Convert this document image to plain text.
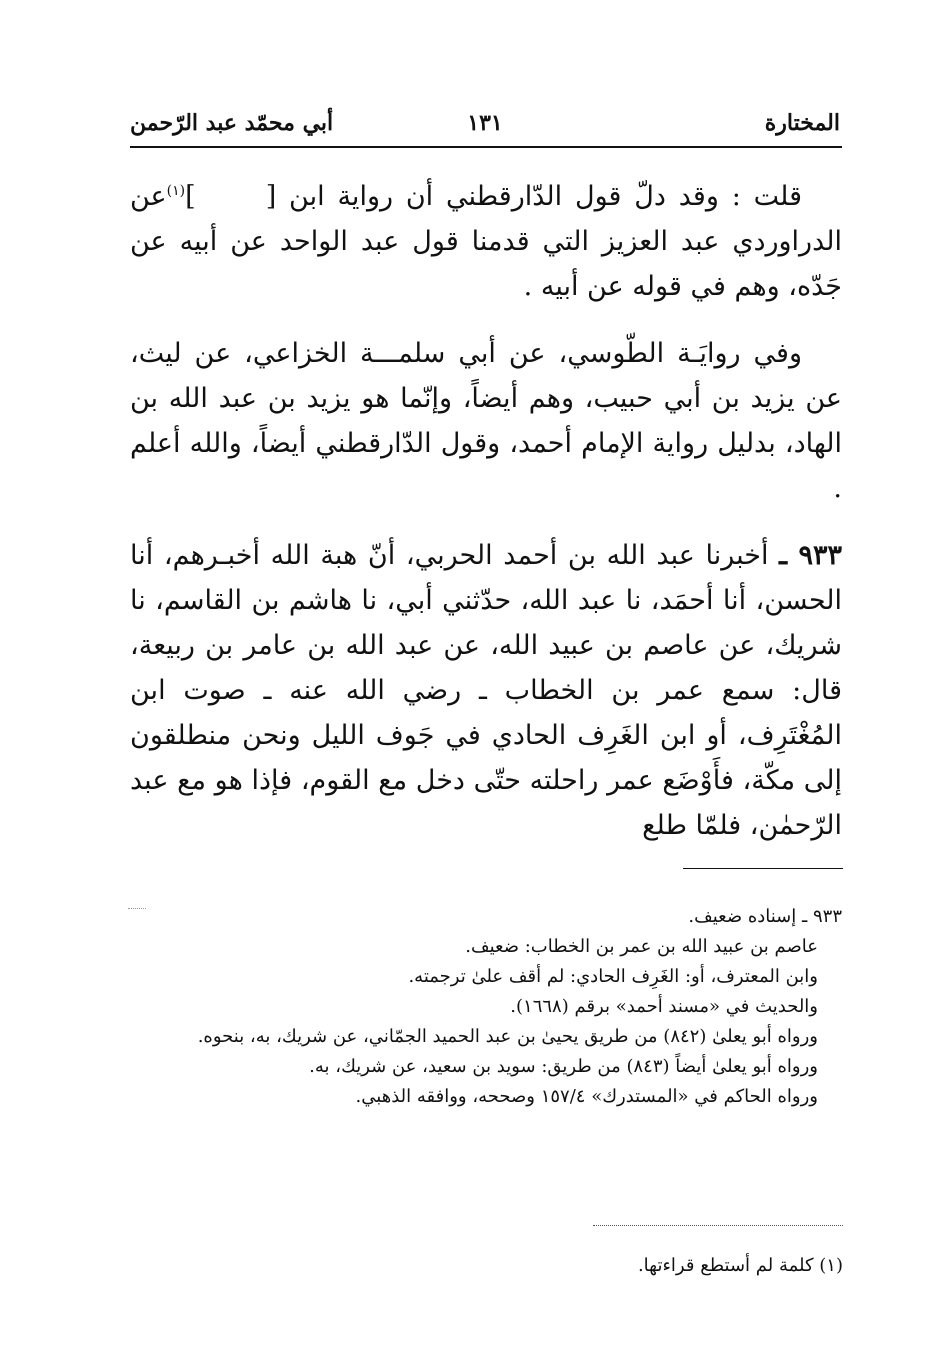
المختارة
١٣١
أبي محمّد عبد الرّحمن

قلت : وقد دلّ قول الدّارقطني أن رواية ابن []$^{(١)}$عن الدراوردي عبد العزيز التي قدمنا قول عبد الواحد عن أبيه عن جَدّه، وهم في قوله عن أبيه .

وفي روايَـة الطّوسي، عن أبي سلمـــة الخزاعي، عن ليث، عن يزيد بن أبي حبيب، وهم أيضاً، وإنّما هو يزيد بن عبد الله بن الهاد، بدليل رواية الإمام أحمد، وقول الدّارقطني أيضاً، والله أعلم .

٩٣٣ ـ أخبرنا عبد الله بن أحمد الحربي، أنّ هبة الله أخبـرهم، أنا الحسن، أنا أحمَد، نا عبد الله، حدّثني أبي، نا هاشم بن القاسم، نا شريك، عن عاصم بن عبيد الله، عن عبد الله بن عامر بن ربيعة، قال: سمع عمر بن الخطاب ـ رضي الله عنه ـ صوت ابن المُغْتَرِف، أو ابن الغَرِف الحادي في جَوف الليل ونحن منطلقون إلى مكّة، فأَوْضَع عمر راحلته حتّى دخل مع القوم، فإذا هو مع عبد الرّحمٰن، فلمّا طلع

٩٣٣ ـ إسناده ضعيف.

عاصم بن عبيد الله بن عمر بن الخطاب: ضعيف.

وابن المعترف، أو: الغَرِف الحادي: لم أقف علىٰ ترجمته.

والحديث في «مسند أحمد» برقم (١٦٦٨).

ورواه أبو يعلىٰ (٨٤٢) من طريق يحيىٰ بن عبد الحميد الجمّاني، عن شريك، به، بنحوه.

ورواه أبو يعلىٰ أيضاً (٨٤٣) من طريق: سويد بن سعيد، عن شريك، به.

ورواه الحاكم في «المستدرك» ١٥٧/٤ وصححه، ووافقه الذهبي.

(١) كلمة لم أستطع قراءتها.
